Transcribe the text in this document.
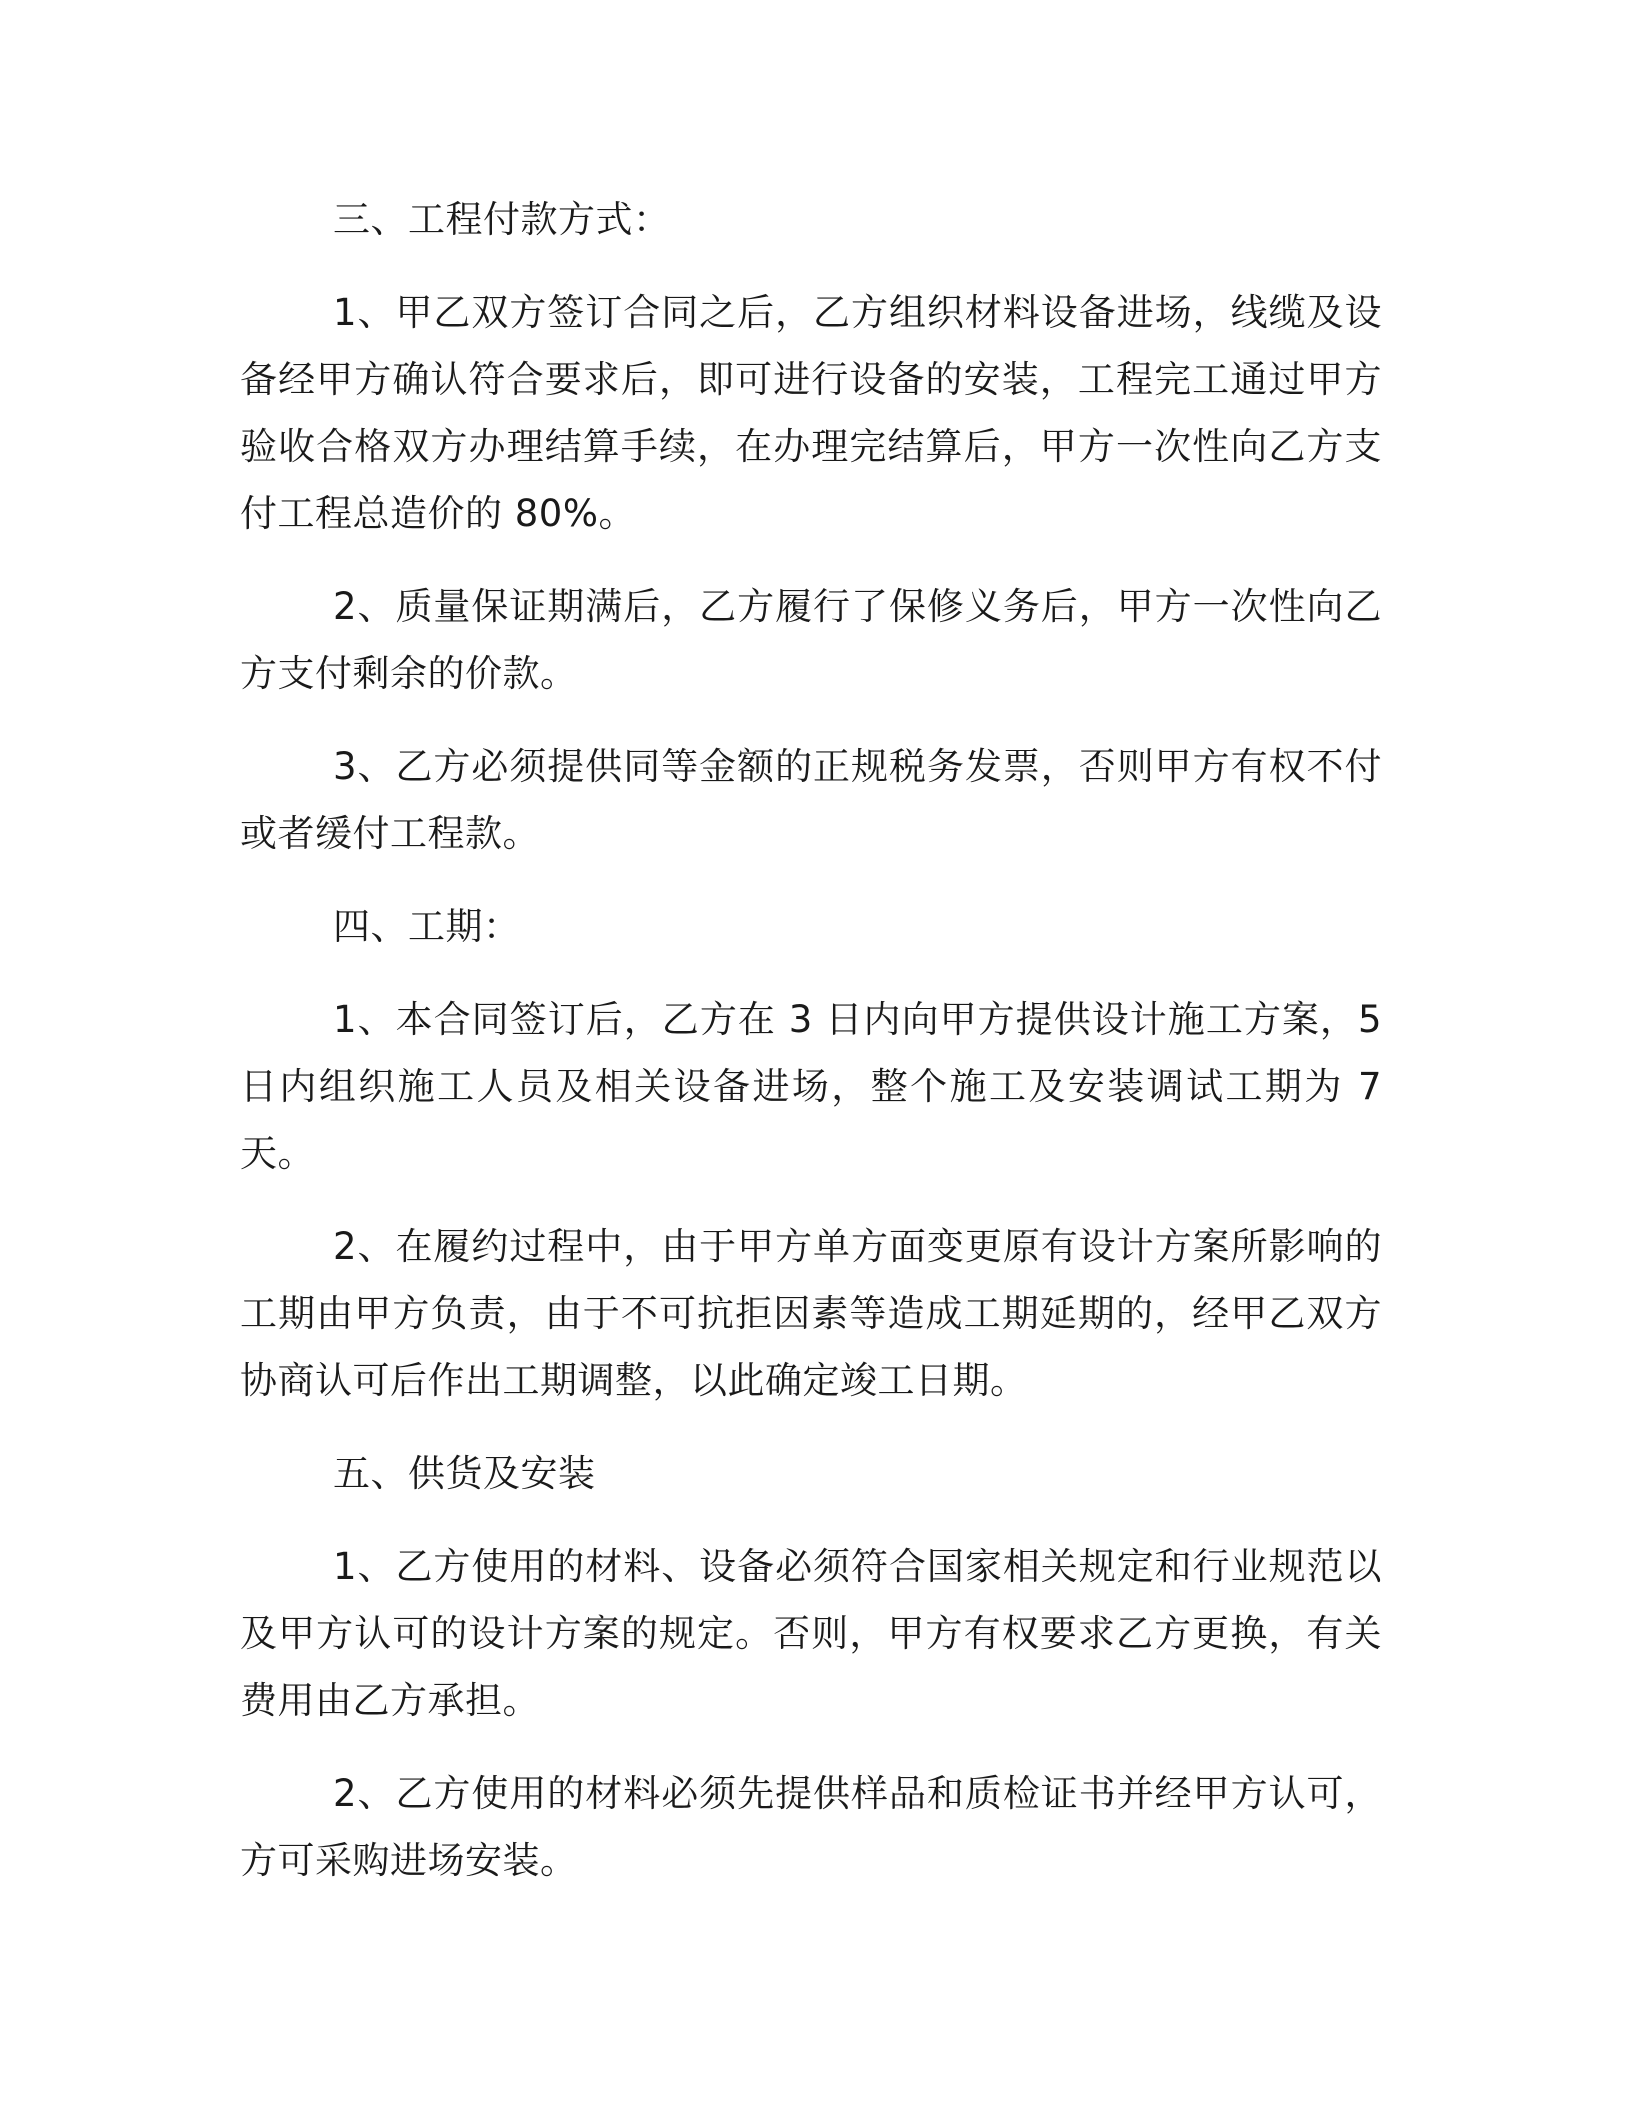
三、工程付款方式：

1、甲乙双方签订合同之后，乙方组织材料设备进场，线缆及设备经甲方确认符合要求后，即可进行设备的安装，工程完工通过甲方验收合格双方办理结算手续，在办理完结算后，甲方一次性向乙方支付工程总造价的 80%。

2、质量保证期满后，乙方履行了保修义务后，甲方一次性向乙方支付剩余的价款。

3、乙方必须提供同等金额的正规税务发票，否则甲方有权不付或者缓付工程款。

四、工期：

1、本合同签订后，乙方在 3 日内向甲方提供设计施工方案，5 日内组织施工人员及相关设备进场，整个施工及安装调试工期为 7 天。

2、在履约过程中，由于甲方单方面变更原有设计方案所影响的工期由甲方负责，由于不可抗拒因素等造成工期延期的，经甲乙双方协商认可后作出工期调整，以此确定竣工日期。

五、供货及安装

1、乙方使用的材料、设备必须符合国家相关规定和行业规范以及甲方认可的设计方案的规定。否则，甲方有权要求乙方更换，有关费用由乙方承担。

2、乙方使用的材料必须先提供样品和质检证书并经甲方认可，方可采购进场安装。
